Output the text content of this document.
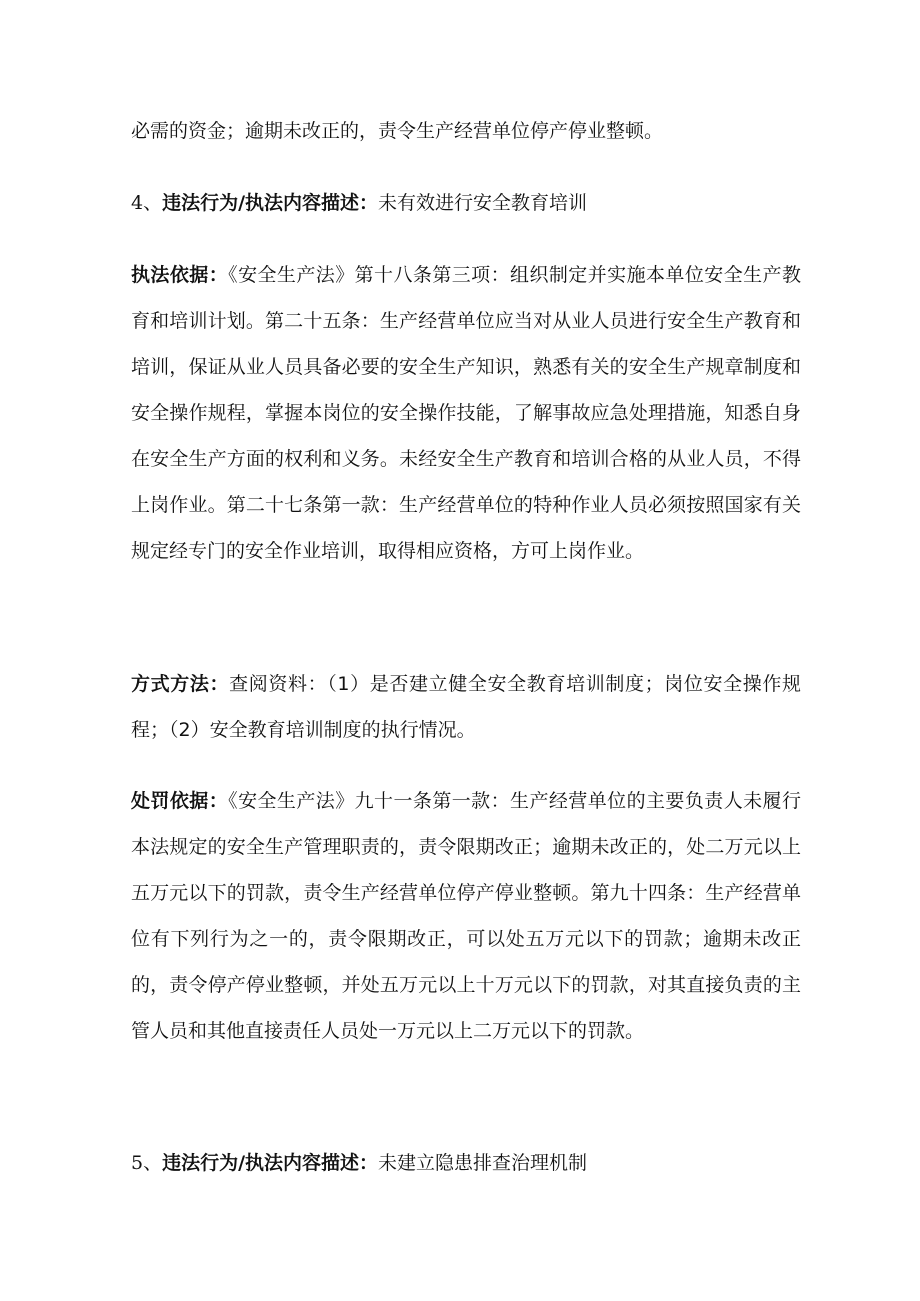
必需的资金；逾期未改正的，责令生产经营单位停产停业整顿。

4、违法行为/执法内容描述：未有效进行安全教育培训

执法依据：《安全生产法》第十八条第三项：组织制定并实施本单位安全生产教育和培训计划。第二十五条：生产经营单位应当对从业人员进行安全生产教育和培训，保证从业人员具备必要的安全生产知识，熟悉有关的安全生产规章制度和安全操作规程，掌握本岗位的安全操作技能，了解事故应急处理措施，知悉自身在安全生产方面的权利和义务。未经安全生产教育和培训合格的从业人员，不得上岗作业。第二十七条第一款：生产经营单位的特种作业人员必须按照国家有关规定经专门的安全作业培训，取得相应资格，方可上岗作业。

方式方法：查阅资料：（1）是否建立健全安全教育培训制度；岗位安全操作规程；（2）安全教育培训制度的执行情况。

处罚依据：《安全生产法》九十一条第一款：生产经营单位的主要负责人未履行本法规定的安全生产管理职责的，责令限期改正；逾期未改正的，处二万元以上五万元以下的罚款，责令生产经营单位停产停业整顿。第九十四条：生产经营单位有下列行为之一的，责令限期改正，可以处五万元以下的罚款；逾期未改正的，责令停产停业整顿，并处五万元以上十万元以下的罚款，对其直接负责的主管人员和其他直接责任人员处一万元以上二万元以下的罚款。

5、违法行为/执法内容描述：未建立隐患排查治理机制
